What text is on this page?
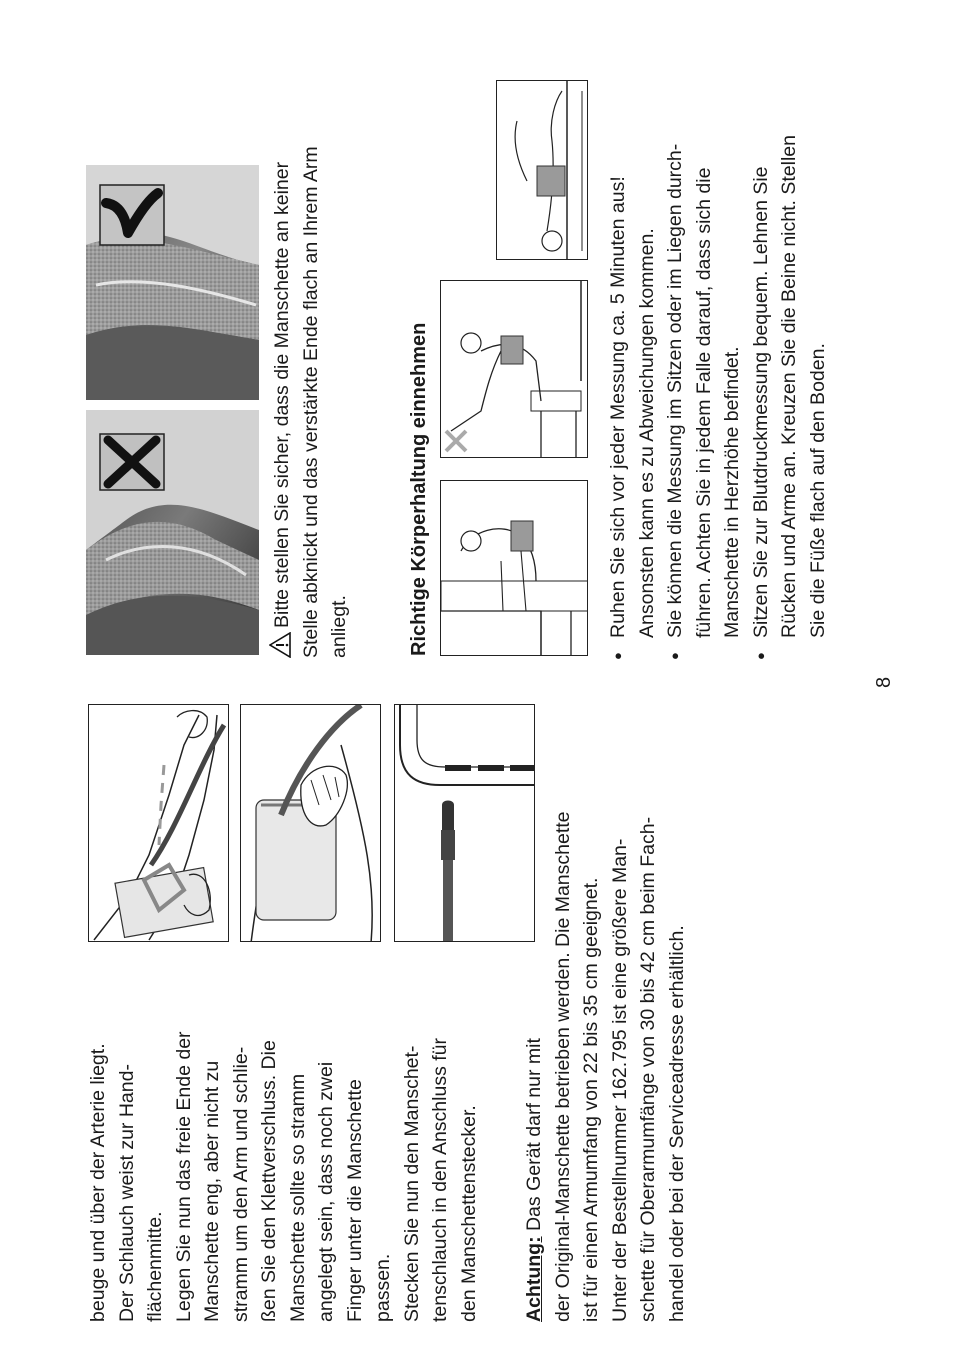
beuge und über der Arterie liegt. Der Schlauch weist zur Hand- flächenmitte. Legen Sie nun das freie Ende der Manschette eng, aber nicht zu stramm um den Arm und schlie- ßen Sie den Klettverschluss. Die Manschette sollte so stramm angelegt sein, dass noch zwei Finger unter die Manschette passen. Stecken Sie nun den Manschet- tenschlauch in den Anschluss für den Manschettenstecker. Achtung: Das Gerät darf nur mit der Original-Manschette betrieben werden. Die Manschette ist für einen Armumfang von 22 bis 35 cm geeignet. Unter der Bestellnummer 162.795 ist eine größere Man- schette für Oberarmumfänge von 30 bis 42 cm beim Fach- handel oder bei der Serviceadresse erhältlich.
Bitte stellen Sie sicher, dass die Manschette an keiner Stelle abknickt und das verstärkte Ende flach an Ihrem Arm anliegt.	Richtige Körperhaltung einnehmen	● Ruhen Sie sich vor jeder Messung ca. 5 Minuten aus! Ansonsten kann es zu Abweichungen kommen. ● Sie können die Messung im Sitzen oder im Liegen durch- führen. Achten Sie in jedem Falle darauf, dass sich die Manschette in Herzhöhe befindet. ● Sitzen Sie zur Blutdruckmessung bequem. Lehnen Sie Rücken und Arme an. Kreuzen Sie die Beine nicht. Stellen Sie die Füße flach auf den Boden.
8
